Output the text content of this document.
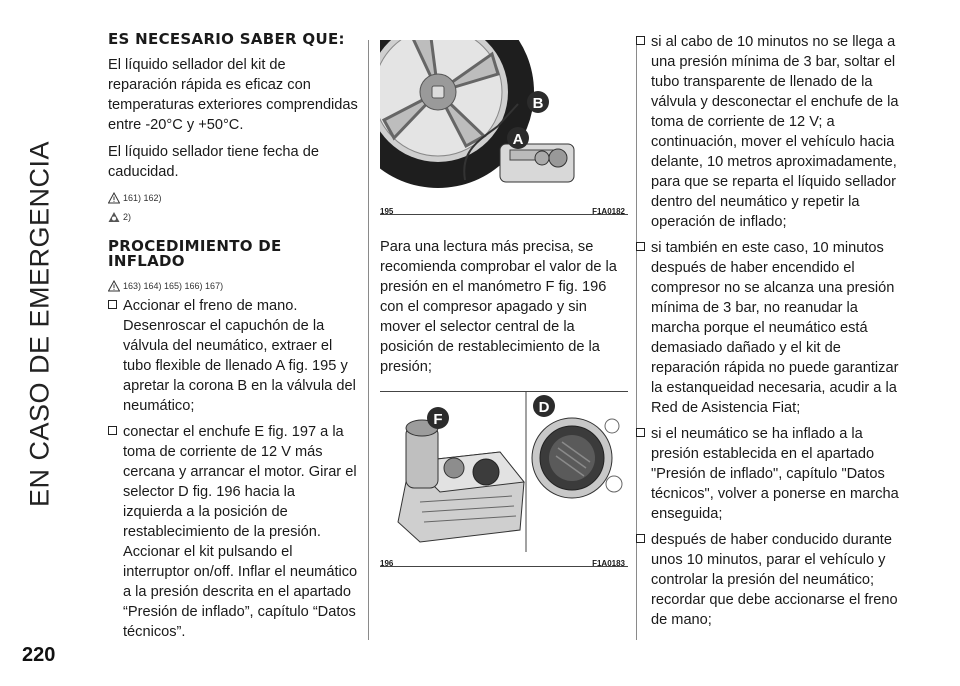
EN CASO DE EMERGENCIA
220
ES NECESARIO SABER QUE:

El líquido sellador del kit de reparación rápida es eficaz con temperaturas exteriores comprendidas entre -20°C y +50°C.

El líquido sellador tiene fecha de caducidad.

161) 162)
2)
PROCEDIMIENTO DE INFLADO
163) 164) 165) 166) 167)
Accionar el freno de mano. Desenroscar el capuchón de la válvula del neumático, extraer el tubo flexible de llenado A fig. 195 y apretar la corona B en la válvula del neumático;
conectar el enchufe E fig. 197 a la toma de corriente de 12 V más cercana y arrancar el motor. Girar el selector D fig. 196 hacia la izquierda a la posición de restablecimiento de la presión. Accionar el kit pulsando el interruptor on/off. Inflar el neumático a la presión descrita en el apartado “Presión de inflado”, capítulo “Datos técnicos”.
A
B
195	F1A0182

Para una lectura más precisa, se recomienda comprobar el valor de la presión en el manómetro F fig. 196 con el compresor apagado y sin mover el selector central de la posición de restablecimiento de la presión;

F
D
196	F1A0183
si al cabo de 10 minutos no se llega a una presión mínima de 3 bar, soltar el tubo transparente de llenado de la válvula y desconectar el enchufe de la toma de corriente de 12 V; a continuación, mover el vehículo hacia delante, 10 metros aproximadamente, para que se reparta el líquido sellador dentro del neumático y repetir la operación de inflado;
si también en este caso, 10 minutos después de haber encendido el compresor no se alcanza una presión mínima de 3 bar, no reanudar la marcha porque el neumático está demasiado dañado y el kit de reparación rápida no puede garantizar la estanqueidad necesaria, acudir a la Red de Asistencia Fiat;
si el neumático se ha inflado a la presión establecida en el apartado "Presión de inflado", capítulo "Datos técnicos", volver a ponerse en marcha enseguida;
después de haber conducido durante unos 10 minutos, parar el vehículo y controlar la presión del neumático; recordar que debe accionarse el freno de mano;
